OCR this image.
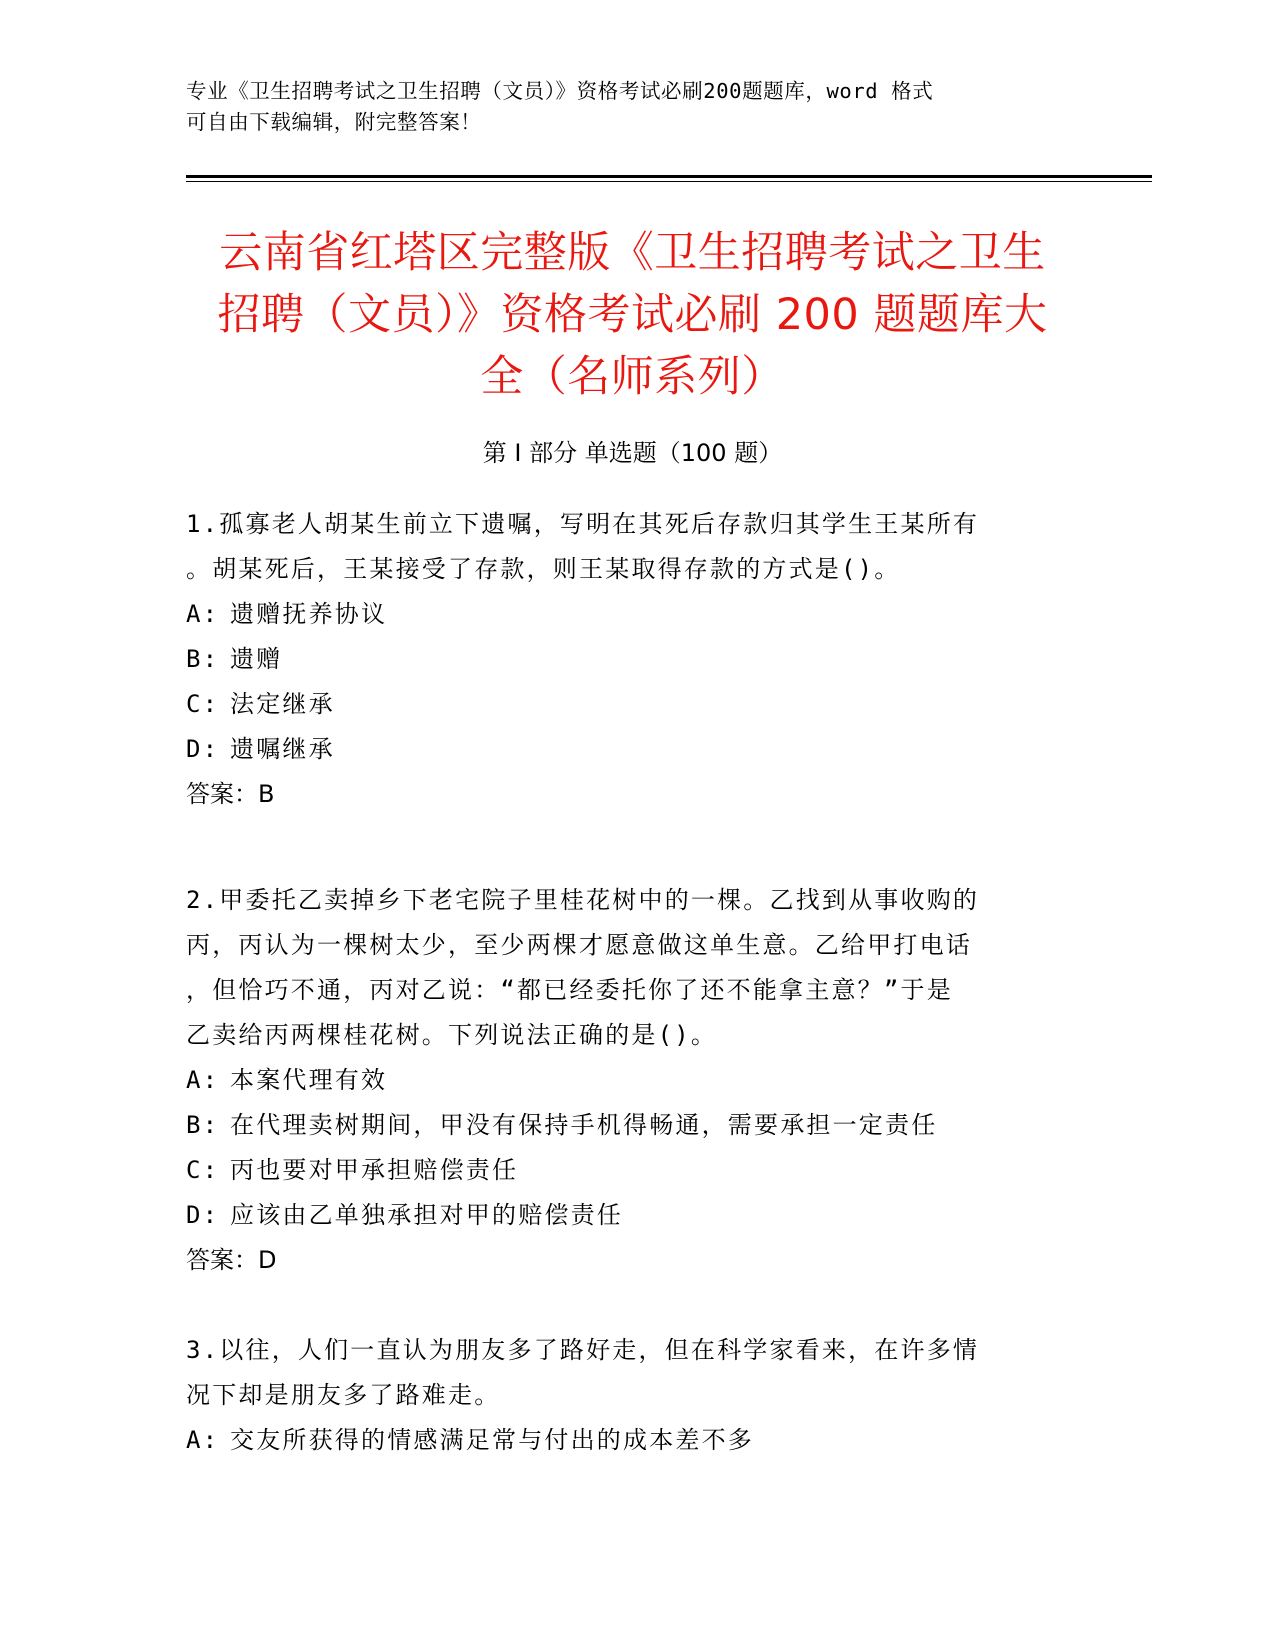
专业《卫生招聘考试之卫生招聘（文员）》资格考试必刷200题题库，word 格式
可自由下载编辑，附完整答案！
云南省红塔区完整版《卫生招聘考试之卫生
招聘（文员）》资格考试必刷 200 题题库大
全（名师系列）
第 I 部分 单选题（100 题）
1.孤寡老人胡某生前立下遗嘱，写明在其死后存款归其学生王某所有
。胡某死后，王某接受了存款，则王某取得存款的方式是()。
A: 遗赠抚养协议
B: 遗赠
C: 法定继承
D: 遗嘱继承
答案：B
2.甲委托乙卖掉乡下老宅院子里桂花树中的一棵。乙找到从事收购的
丙，丙认为一棵树太少，至少两棵才愿意做这单生意。乙给甲打电话
，但恰巧不通，丙对乙说：“都已经委托你了还不能拿主意？”于是
乙卖给丙两棵桂花树。下列说法正确的是()。
A: 本案代理有效
B: 在代理卖树期间，甲没有保持手机得畅通，需要承担一定责任
C: 丙也要对甲承担赔偿责任
D: 应该由乙单独承担对甲的赔偿责任
答案：D
3.以往，人们一直认为朋友多了路好走，但在科学家看来，在许多情
况下却是朋友多了路难走。
A: 交友所获得的情感满足常与付出的成本差不多
